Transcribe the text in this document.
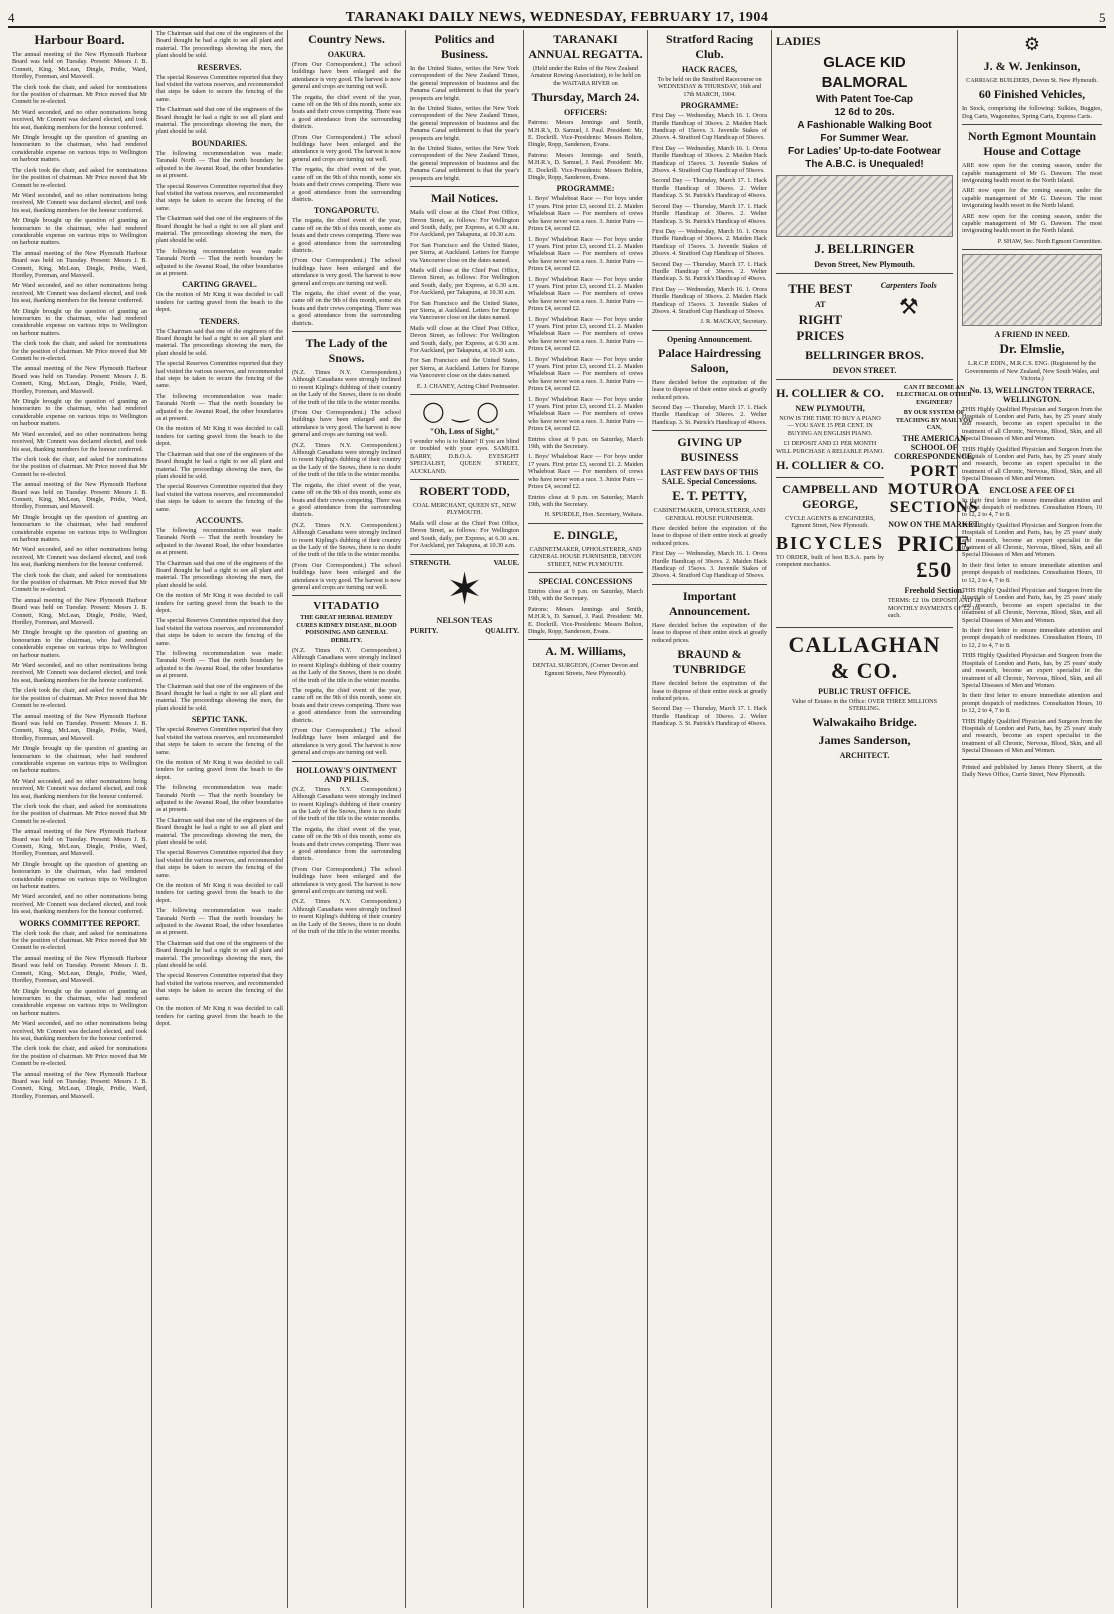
4	TARANAKI DAILY NEWS, WEDNESDAY, FEBRUARY 17, 1904	5
Harbour Board.

The annual meeting of the New Plymouth Harbour Board was held on Tuesday. Present: Messrs J. B. Connett, King, McLean, Dingle, Pridie, Ward, Hordley, Foreman, and Maxwell.

The clerk took the chair, and asked for nominations for the position of chairman. Mr Price moved that Mr Connett be re-elected.

Mr Ward seconded, and no other nominations being received, Mr Connett was declared elected, and took his seat, thanking members for the honour conferred.

Mr Dingle brought up the question of granting an honorarium to the chairman, who had rendered considerable expense on various trips to Wellington on harbour matters.

The clerk took the chair, and asked for nominations for the position of chairman. Mr Price moved that Mr Connett be re-elected.

Mr Ward seconded, and no other nominations being received, Mr Connett was declared elected, and took his seat, thanking members for the honour conferred.

Mr Dingle brought up the question of granting an honorarium to the chairman, who had rendered considerable expense on various trips to Wellington on harbour matters.

The annual meeting of the New Plymouth Harbour Board was held on Tuesday. Present: Messrs J. B. Connett, King, McLean, Dingle, Pridie, Ward, Hordley, Foreman, and Maxwell.

Mr Ward seconded, and no other nominations being received, Mr Connett was declared elected, and took his seat, thanking members for the honour conferred.

Mr Dingle brought up the question of granting an honorarium to the chairman, who had rendered considerable expense on various trips to Wellington on harbour matters.

The clerk took the chair, and asked for nominations for the position of chairman. Mr Price moved that Mr Connett be re-elected.

The annual meeting of the New Plymouth Harbour Board was held on Tuesday. Present: Messrs J. B. Connett, King, McLean, Dingle, Pridie, Ward, Hordley, Foreman, and Maxwell.

Mr Dingle brought up the question of granting an honorarium to the chairman, who had rendered considerable expense on various trips to Wellington on harbour matters.

Mr Ward seconded, and no other nominations being received, Mr Connett was declared elected, and took his seat, thanking members for the honour conferred.

The clerk took the chair, and asked for nominations for the position of chairman. Mr Price moved that Mr Connett be re-elected.

The annual meeting of the New Plymouth Harbour Board was held on Tuesday. Present: Messrs J. B. Connett, King, McLean, Dingle, Pridie, Ward, Hordley, Foreman, and Maxwell.

Mr Dingle brought up the question of granting an honorarium to the chairman, who had rendered considerable expense on various trips to Wellington on harbour matters.

Mr Ward seconded, and no other nominations being received, Mr Connett was declared elected, and took his seat, thanking members for the honour conferred.

The clerk took the chair, and asked for nominations for the position of chairman. Mr Price moved that Mr Connett be re-elected.

The annual meeting of the New Plymouth Harbour Board was held on Tuesday. Present: Messrs J. B. Connett, King, McLean, Dingle, Pridie, Ward, Hordley, Foreman, and Maxwell.

Mr Dingle brought up the question of granting an honorarium to the chairman, who had rendered considerable expense on various trips to Wellington on harbour matters.

Mr Ward seconded, and no other nominations being received, Mr Connett was declared elected, and took his seat, thanking members for the honour conferred.

The clerk took the chair, and asked for nominations for the position of chairman. Mr Price moved that Mr Connett be re-elected.

The annual meeting of the New Plymouth Harbour Board was held on Tuesday. Present: Messrs J. B. Connett, King, McLean, Dingle, Pridie, Ward, Hordley, Foreman, and Maxwell.

Mr Dingle brought up the question of granting an honorarium to the chairman, who had rendered considerable expense on various trips to Wellington on harbour matters.

Mr Ward seconded, and no other nominations being received, Mr Connett was declared elected, and took his seat, thanking members for the honour conferred.

The clerk took the chair, and asked for nominations for the position of chairman. Mr Price moved that Mr Connett be re-elected.

The annual meeting of the New Plymouth Harbour Board was held on Tuesday. Present: Messrs J. B. Connett, King, McLean, Dingle, Pridie, Ward, Hordley, Foreman, and Maxwell.

Mr Dingle brought up the question of granting an honorarium to the chairman, who had rendered considerable expense on various trips to Wellington on harbour matters.

Mr Ward seconded, and no other nominations being received, Mr Connett was declared elected, and took his seat, thanking members for the honour conferred.

WORKS COMMITTEE REPORT.

The clerk took the chair, and asked for nominations for the position of chairman. Mr Price moved that Mr Connett be re-elected.

The annual meeting of the New Plymouth Harbour Board was held on Tuesday. Present: Messrs J. B. Connett, King, McLean, Dingle, Pridie, Ward, Hordley, Foreman, and Maxwell.

Mr Dingle brought up the question of granting an honorarium to the chairman, who had rendered considerable expense on various trips to Wellington on harbour matters.

Mr Ward seconded, and no other nominations being received, Mr Connett was declared elected, and took his seat, thanking members for the honour conferred.

The clerk took the chair, and asked for nominations for the position of chairman. Mr Price moved that Mr Connett be re-elected.

The annual meeting of the New Plymouth Harbour Board was held on Tuesday. Present: Messrs J. B. Connett, King, McLean, Dingle, Pridie, Ward, Hordley, Foreman, and Maxwell.

The Chairman said that one of the engineers of the Board thought he had a right to see all plant and material. The proceedings showing the men, the plant should be sold.

RESERVES.

The special Reserves Committee reported that they had visited the various reserves, and recommended that steps be taken to secure the fencing of the same.

The Chairman said that one of the engineers of the Board thought he had a right to see all plant and material. The proceedings showing the men, the plant should be sold.

BOUNDARIES.

The following recommendation was made: Taranaki North — That the north boundary be adjusted to the Awanui Road, the other boundaries as at present.

The special Reserves Committee reported that they had visited the various reserves, and recommended that steps be taken to secure the fencing of the same.

The Chairman said that one of the engineers of the Board thought he had a right to see all plant and material. The proceedings showing the men, the plant should be sold.

The following recommendation was made: Taranaki North — That the north boundary be adjusted to the Awanui Road, the other boundaries as at present.

CARTING GRAVEL.

On the motion of Mr King it was decided to call tenders for carting gravel from the beach to the depot.

TENDERS.

The Chairman said that one of the engineers of the Board thought he had a right to see all plant and material. The proceedings showing the men, the plant should be sold.

The special Reserves Committee reported that they had visited the various reserves, and recommended that steps be taken to secure the fencing of the same.

The following recommendation was made: Taranaki North — That the north boundary be adjusted to the Awanui Road, the other boundaries as at present.

On the motion of Mr King it was decided to call tenders for carting gravel from the beach to the depot.

The Chairman said that one of the engineers of the Board thought he had a right to see all plant and material. The proceedings showing the men, the plant should be sold.

The special Reserves Committee reported that they had visited the various reserves, and recommended that steps be taken to secure the fencing of the same.

ACCOUNTS.

The following recommendation was made: Taranaki North — That the north boundary be adjusted to the Awanui Road, the other boundaries as at present.

The Chairman said that one of the engineers of the Board thought he had a right to see all plant and material. The proceedings showing the men, the plant should be sold.

On the motion of Mr King it was decided to call tenders for carting gravel from the beach to the depot.

The special Reserves Committee reported that they had visited the various reserves, and recommended that steps be taken to secure the fencing of the same.

The following recommendation was made: Taranaki North — That the north boundary be adjusted to the Awanui Road, the other boundaries as at present.

The Chairman said that one of the engineers of the Board thought he had a right to see all plant and material. The proceedings showing the men, the plant should be sold.

SEPTIC TANK.

The special Reserves Committee reported that they had visited the various reserves, and recommended that steps be taken to secure the fencing of the same.

On the motion of Mr King it was decided to call tenders for carting gravel from the beach to the depot.

The following recommendation was made: Taranaki North — That the north boundary be adjusted to the Awanui Road, the other boundaries as at present.

The Chairman said that one of the engineers of the Board thought he had a right to see all plant and material. The proceedings showing the men, the plant should be sold.

The special Reserves Committee reported that they had visited the various reserves, and recommended that steps be taken to secure the fencing of the same.

On the motion of Mr King it was decided to call tenders for carting gravel from the beach to the depot.

The following recommendation was made: Taranaki North — That the north boundary be adjusted to the Awanui Road, the other boundaries as at present.

The Chairman said that one of the engineers of the Board thought he had a right to see all plant and material. The proceedings showing the men, the plant should be sold.

The special Reserves Committee reported that they had visited the various reserves, and recommended that steps be taken to secure the fencing of the same.

On the motion of Mr King it was decided to call tenders for carting gravel from the beach to the depot.

Country News.
OAKURA.

(From Our Correspondent.) The school buildings have been enlarged and the attendance is very good. The harvest is now general and crops are turning out well.

The regatta, the chief event of the year, came off on the 9th of this month, some six boats and their crews competing. There was a good attendance from the surrounding districts.

(From Our Correspondent.) The school buildings have been enlarged and the attendance is very good. The harvest is now general and crops are turning out well.

The regatta, the chief event of the year, came off on the 9th of this month, some six boats and their crews competing. There was a good attendance from the surrounding districts.

TONGAPORUTU.

The regatta, the chief event of the year, came off on the 9th of this month, some six boats and their crews competing. There was a good attendance from the surrounding districts.

(From Our Correspondent.) The school buildings have been enlarged and the attendance is very good. The harvest is now general and crops are turning out well.

The regatta, the chief event of the year, came off on the 9th of this month, some six boats and their crews competing. There was a good attendance from the surrounding districts.

The Lady of the Snows.

(N.Z. Times N.Y. Correspondent.) Although Canadians were strongly inclined to resent Kipling's dubbing of their country as the Lady of the Snows, there is no doubt of the truth of the title in the winter months.

(From Our Correspondent.) The school buildings have been enlarged and the attendance is very good. The harvest is now general and crops are turning out well.

(N.Z. Times N.Y. Correspondent.) Although Canadians were strongly inclined to resent Kipling's dubbing of their country as the Lady of the Snows, there is no doubt of the truth of the title in the winter months.

The regatta, the chief event of the year, came off on the 9th of this month, some six boats and their crews competing. There was a good attendance from the surrounding districts.

(N.Z. Times N.Y. Correspondent.) Although Canadians were strongly inclined to resent Kipling's dubbing of their country as the Lady of the Snows, there is no doubt of the truth of the title in the winter months.

(From Our Correspondent.) The school buildings have been enlarged and the attendance is very good. The harvest is now general and crops are turning out well.

VITADATIO

THE GREAT HERBAL REMEDY CURES KIDNEY DISEASE, BLOOD POISONING AND GENERAL DEBILITY.

(N.Z. Times N.Y. Correspondent.) Although Canadians were strongly inclined to resent Kipling's dubbing of their country as the Lady of the Snows, there is no doubt of the truth of the title in the winter months.

The regatta, the chief event of the year, came off on the 9th of this month, some six boats and their crews competing. There was a good attendance from the surrounding districts.

(From Our Correspondent.) The school buildings have been enlarged and the attendance is very good. The harvest is now general and crops are turning out well.

HOLLOWAY'S OINTMENT AND PILLS.

(N.Z. Times N.Y. Correspondent.) Although Canadians were strongly inclined to resent Kipling's dubbing of their country as the Lady of the Snows, there is no doubt of the truth of the title in the winter months.

The regatta, the chief event of the year, came off on the 9th of this month, some six boats and their crews competing. There was a good attendance from the surrounding districts.

(From Our Correspondent.) The school buildings have been enlarged and the attendance is very good. The harvest is now general and crops are turning out well.

(N.Z. Times N.Y. Correspondent.) Although Canadians were strongly inclined to resent Kipling's dubbing of their country as the Lady of the Snows, there is no doubt of the truth of the title in the winter months.

Politics and Business.

In the United States, writes the New York correspondent of the New Zealand Times, the general impression of business and the Panama Canal settlement is that the year's prospects are bright.

In the United States, writes the New York correspondent of the New Zealand Times, the general impression of business and the Panama Canal settlement is that the year's prospects are bright.

In the United States, writes the New York correspondent of the New Zealand Times, the general impression of business and the Panama Canal settlement is that the year's prospects are bright.

Mail Notices.

Mails will close at the Chief Post Office, Devon Street, as follows: For Wellington and South, daily, per Express, at 6.30 a.m. For Auckland, per Takapuna, at 10.30 a.m.

For San Francisco and the United States, per Sierra, at Auckland. Letters for Europe via Vancouver close on the dates named.

Mails will close at the Chief Post Office, Devon Street, as follows: For Wellington and South, daily, per Express, at 6.30 a.m. For Auckland, per Takapuna, at 10.30 a.m.

For San Francisco and the United States, per Sierra, at Auckland. Letters for Europe via Vancouver close on the dates named.

Mails will close at the Chief Post Office, Devon Street, as follows: For Wellington and South, daily, per Express, at 6.30 a.m. For Auckland, per Takapuna, at 10.30 a.m.

For San Francisco and the United States, per Sierra, at Auckland. Letters for Europe via Vancouver close on the dates named.

E. J. CHANEY, Acting Chief Postmaster.

◯‿◯
"Oh, Loss of Sight,"

I wonder who is to blame? If you are blind or troubled with your eyes. SAMUEL BARRY, D.B.O.A. EYESIGHT SPECIALIST, QUEEN STREET, AUCKLAND.

ROBERT TODD,

COAL MERCHANT, QUEEN ST., NEW PLYMOUTH.

Mails will close at the Chief Post Office, Devon Street, as follows: For Wellington and South, daily, per Express, at 6.30 a.m. For Auckland, per Takapuna, at 10.30 a.m.

STRENGTH.	VALUE.
✶
NELSON TEAS
PURITY.	QUALITY.
TARANAKI ANNUAL REGATTA.

(Held under the Rules of the New Zealand Amateur Rowing Association), to be held on the WAITARA RIVER on

Thursday, March 24.
OFFICERS:

Patrons: Messrs Jennings and Smith, M.H.R.'s, D. Samuel, J. Paul. President: Mr. E. Dockrill. Vice-Presidents: Messrs Bolton, Dingle, Ropp, Sanderson, Evans.

Patrons: Messrs Jennings and Smith, M.H.R.'s, D. Samuel, J. Paul. President: Mr. E. Dockrill. Vice-Presidents: Messrs Bolton, Dingle, Ropp, Sanderson, Evans.

PROGRAMME:

1. Boys' Whaleboat Race — For boys under 17 years. First prize £3, second £1. 2. Maiden Whaleboat Race — For members of crews who have never won a race. 3. Junior Pairs — Prizes £4, second £2.

1. Boys' Whaleboat Race — For boys under 17 years. First prize £3, second £1. 2. Maiden Whaleboat Race — For members of crews who have never won a race. 3. Junior Pairs — Prizes £4, second £2.

1. Boys' Whaleboat Race — For boys under 17 years. First prize £3, second £1. 2. Maiden Whaleboat Race — For members of crews who have never won a race. 3. Junior Pairs — Prizes £4, second £2.

1. Boys' Whaleboat Race — For boys under 17 years. First prize £3, second £1. 2. Maiden Whaleboat Race — For members of crews who have never won a race. 3. Junior Pairs — Prizes £4, second £2.

1. Boys' Whaleboat Race — For boys under 17 years. First prize £3, second £1. 2. Maiden Whaleboat Race — For members of crews who have never won a race. 3. Junior Pairs — Prizes £4, second £2.

1. Boys' Whaleboat Race — For boys under 17 years. First prize £3, second £1. 2. Maiden Whaleboat Race — For members of crews who have never won a race. 3. Junior Pairs — Prizes £4, second £2.

Entries close at 9 p.m. on Saturday, March 19th, with the Secretary.

1. Boys' Whaleboat Race — For boys under 17 years. First prize £3, second £1. 2. Maiden Whaleboat Race — For members of crews who have never won a race. 3. Junior Pairs — Prizes £4, second £2.

Entries close at 9 p.m. on Saturday, March 19th, with the Secretary.

H. SPURDLE, Hon. Secretary, Waitara.

E. DINGLE,

CABINETMAKER, UPHOLSTERER, AND GENERAL HOUSE FURNISHER, DEVON STREET, NEW PLYMOUTH.

SPECIAL CONCESSIONS

Entries close at 9 p.m. on Saturday, March 19th, with the Secretary.

Patrons: Messrs Jennings and Smith, M.H.R.'s, D. Samuel, J. Paul. President: Mr. E. Dockrill. Vice-Presidents: Messrs Bolton, Dingle, Ropp, Sanderson, Evans.

A. M. Williams,

DENTAL SURGEON, (Corner Devon and Egmont Streets, New Plymouth).

Stratford Racing Club.
HACK RACES,

To be held on the Stratford Racecourse on WEDNESDAY & THURSDAY, 16th and 17th MARCH, 1904.

PROGRAMME:

First Day — Wednesday, March 16. 1. Orora Hurdle Handicap of 30sovs. 2. Maiden Hack Handicap of 15sovs. 3. Juvenile Stakes of 20sovs. 4. Stratford Cup Handicap of 50sovs.

First Day — Wednesday, March 16. 1. Orora Hurdle Handicap of 30sovs. 2. Maiden Hack Handicap of 15sovs. 3. Juvenile Stakes of 20sovs. 4. Stratford Cup Handicap of 50sovs.

Second Day — Thursday, March 17. 1. Hack Hurdle Handicap of 30sovs. 2. Welter Handicap. 3. St. Patrick's Handicap of 40sovs.

Second Day — Thursday, March 17. 1. Hack Hurdle Handicap of 30sovs. 2. Welter Handicap. 3. St. Patrick's Handicap of 40sovs.

First Day — Wednesday, March 16. 1. Orora Hurdle Handicap of 30sovs. 2. Maiden Hack Handicap of 15sovs. 3. Juvenile Stakes of 20sovs. 4. Stratford Cup Handicap of 50sovs.

Second Day — Thursday, March 17. 1. Hack Hurdle Handicap of 30sovs. 2. Welter Handicap. 3. St. Patrick's Handicap of 40sovs.

First Day — Wednesday, March 16. 1. Orora Hurdle Handicap of 30sovs. 2. Maiden Hack Handicap of 15sovs. 3. Juvenile Stakes of 20sovs. 4. Stratford Cup Handicap of 50sovs.

J. R. MACKAY, Secretary.

Opening Announcement.
Palace Hairdressing Saloon,

Have decided before the expiration of the lease to dispose of their entire stock at greatly reduced prices.

Second Day — Thursday, March 17. 1. Hack Hurdle Handicap of 30sovs. 2. Welter Handicap. 3. St. Patrick's Handicap of 40sovs.

GIVING UP BUSINESS
LAST FEW DAYS OF THIS SALE. Special Concessions.
E. T. PETTY,

CABINETMAKER, UPHOLSTERER, AND GENERAL HOUSE FURNISHER.

Have decided before the expiration of the lease to dispose of their entire stock at greatly reduced prices.

First Day — Wednesday, March 16. 1. Orora Hurdle Handicap of 30sovs. 2. Maiden Hack Handicap of 15sovs. 3. Juvenile Stakes of 20sovs. 4. Stratford Cup Handicap of 50sovs.

Important Announcement.

Have decided before the expiration of the lease to dispose of their entire stock at greatly reduced prices.

BRAUND & TUNBRIDGE

Have decided before the expiration of the lease to dispose of their entire stock at greatly reduced prices.

Second Day — Thursday, March 17. 1. Hack Hurdle Handicap of 30sovs. 2. Welter Handicap. 3. St. Patrick's Handicap of 40sovs.

LADIES
GLACE KID
BALMORAL
With Patent Toe-Cap
12 6d to 20s.
A Fashionable Walking Boot
For Summer Wear.
For Ladies' Up-to-date Footwear
The A.B.C. is Unequaled!
J. BELLRINGER
Devon Street, New Plymouth.
THE BEST
AT
RIGHT PRICES
Carpenters Tools
⚒
BELLRINGER BROS.
DEVON STREET.
H. COLLIER & CO.
NEW PLYMOUTH,

NOW IS THE TIME TO BUY A PIANO — YOU SAVE 15 PER CENT. IN BUYING AN ENGLISH PIANO.

£1 DEPOSIT AND £1 PER MONTH WILL PURCHASE A RELIABLE PIANO.

H. COLLIER & CO.
CAMPBELL AND GEORGE,

CYCLE AGENTS & ENGINEERS, Egmont Street, New Plymouth.

BICYCLES

TO ORDER, built of best B.S.A. parts by competent mechanics.

CAN IT BECOME AN ELECTRICAL OR OTHER ENGINEER?

BY OUR SYSTEM OF TEACHING BY MAIL YOU CAN,

THE AMERICAN SCHOOL OF CORRESPONDENCE,
PORT MOTUROA
SECTIONS
NOW ON THE MARKET.
PRICE £50
Freehold Section.

TERMS: £2 10s DEPOSIT AND 18 MONTHLY PAYMENTS OF £2 10s each.

CALLAGHAN & CO.
PUBLIC TRUST OFFICE.

Value of Estates in the Office: OVER THREE MILLIONS STERLING.

Walwakaiho Bridge.
James Sanderson,
ARCHITECT.
⚙
J. & W. Jenkinson,

CARRIAGE BUILDERS, Devon St. New Plymouth.

60 Finished Vehicles,

In Stock, comprising the following: Sulkies, Buggies, Dog Carts, Wagonettes, Spring Carts, Express Carts.

North Egmont Mountain House and Cottage

ARE now open for the coming season, under the capable management of Mr G. Dawson. The most invigorating health resort in the North Island.

ARE now open for the coming season, under the capable management of Mr G. Dawson. The most invigorating health resort in the North Island.

ARE now open for the coming season, under the capable management of Mr G. Dawson. The most invigorating health resort in the North Island.

P. SHAW, Sec. North Egmont Committee.

A FRIEND IN NEED.
Dr. Elmslie,

L.R.C.P. EDIN., M.R.C.S. ENG. (Registered by the Governments of New Zealand, New South Wales, and Victoria.)

No. 13, WELLINGTON TERRACE, WELLINGTON.

THIS Highly Qualified Physician and Surgeon from the Hospitals of London and Paris, has, by 25 years' study and research, become an expert specialist in the treatment of all Chronic, Nervous, Blood, Skin, and all Special Diseases of Men and Women.

THIS Highly Qualified Physician and Surgeon from the Hospitals of London and Paris, has, by 25 years' study and research, become an expert specialist in the treatment of all Chronic, Nervous, Blood, Skin, and all Special Diseases of Men and Women.

ENCLOSE A FEE OF £1

In their first letter to ensure immediate attention and prompt despatch of medicines. Consultation Hours, 10 to 12, 2 to 4, 7 to 8.

THIS Highly Qualified Physician and Surgeon from the Hospitals of London and Paris, has, by 25 years' study and research, become an expert specialist in the treatment of all Chronic, Nervous, Blood, Skin, and all Special Diseases of Men and Women.

In their first letter to ensure immediate attention and prompt despatch of medicines. Consultation Hours, 10 to 12, 2 to 4, 7 to 8.

THIS Highly Qualified Physician and Surgeon from the Hospitals of London and Paris, has, by 25 years' study and research, become an expert specialist in the treatment of all Chronic, Nervous, Blood, Skin, and all Special Diseases of Men and Women.

In their first letter to ensure immediate attention and prompt despatch of medicines. Consultation Hours, 10 to 12, 2 to 4, 7 to 8.

THIS Highly Qualified Physician and Surgeon from the Hospitals of London and Paris, has, by 25 years' study and research, become an expert specialist in the treatment of all Chronic, Nervous, Blood, Skin, and all Special Diseases of Men and Women.

In their first letter to ensure immediate attention and prompt despatch of medicines. Consultation Hours, 10 to 12, 2 to 4, 7 to 8.

THIS Highly Qualified Physician and Surgeon from the Hospitals of London and Paris, has, by 25 years' study and research, become an expert specialist in the treatment of all Chronic, Nervous, Blood, Skin, and all Special Diseases of Men and Women.

Printed and published by James Henry Sherrit, at the Daily News Office, Currie Street, New Plymouth.
